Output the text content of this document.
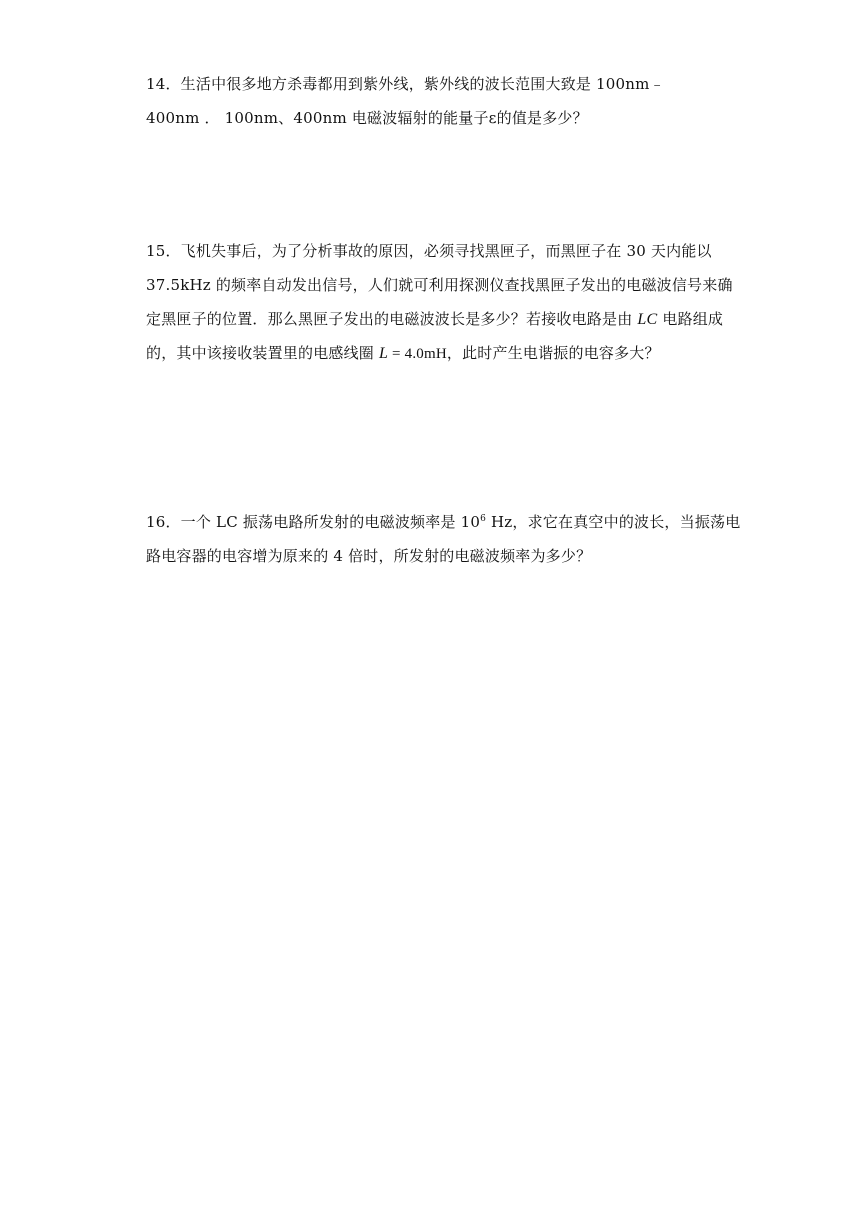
14．生活中很多地方杀毒都用到紫外线，紫外线的波长范围大致是 100nm﹣
400nm ． 100nm、400nm 电磁波辐射的能量子ε的值是多少？
15．飞机失事后，为了分析事故的原因，必须寻找黑匣子，而黑匣子在 30 天内能以
37.5kHz 的频率自动发出信号，人们就可利用探测仪查找黑匣子发出的电磁波信号来确
定黑匣子的位置．那么黑匣子发出的电磁波波长是多少？若接收电路是由 LC 电路组成
的，其中该接收装置里的电感线圈 L = 4.0mH，此时产生电谐振的电容多大？
16．一个 LC 振荡电路所发射的电磁波频率是 $10^6$ Hz，求它在真空中的波长，当振荡电
路电容器的电容增为原来的 4 倍时，所发射的电磁波频率为多少？
